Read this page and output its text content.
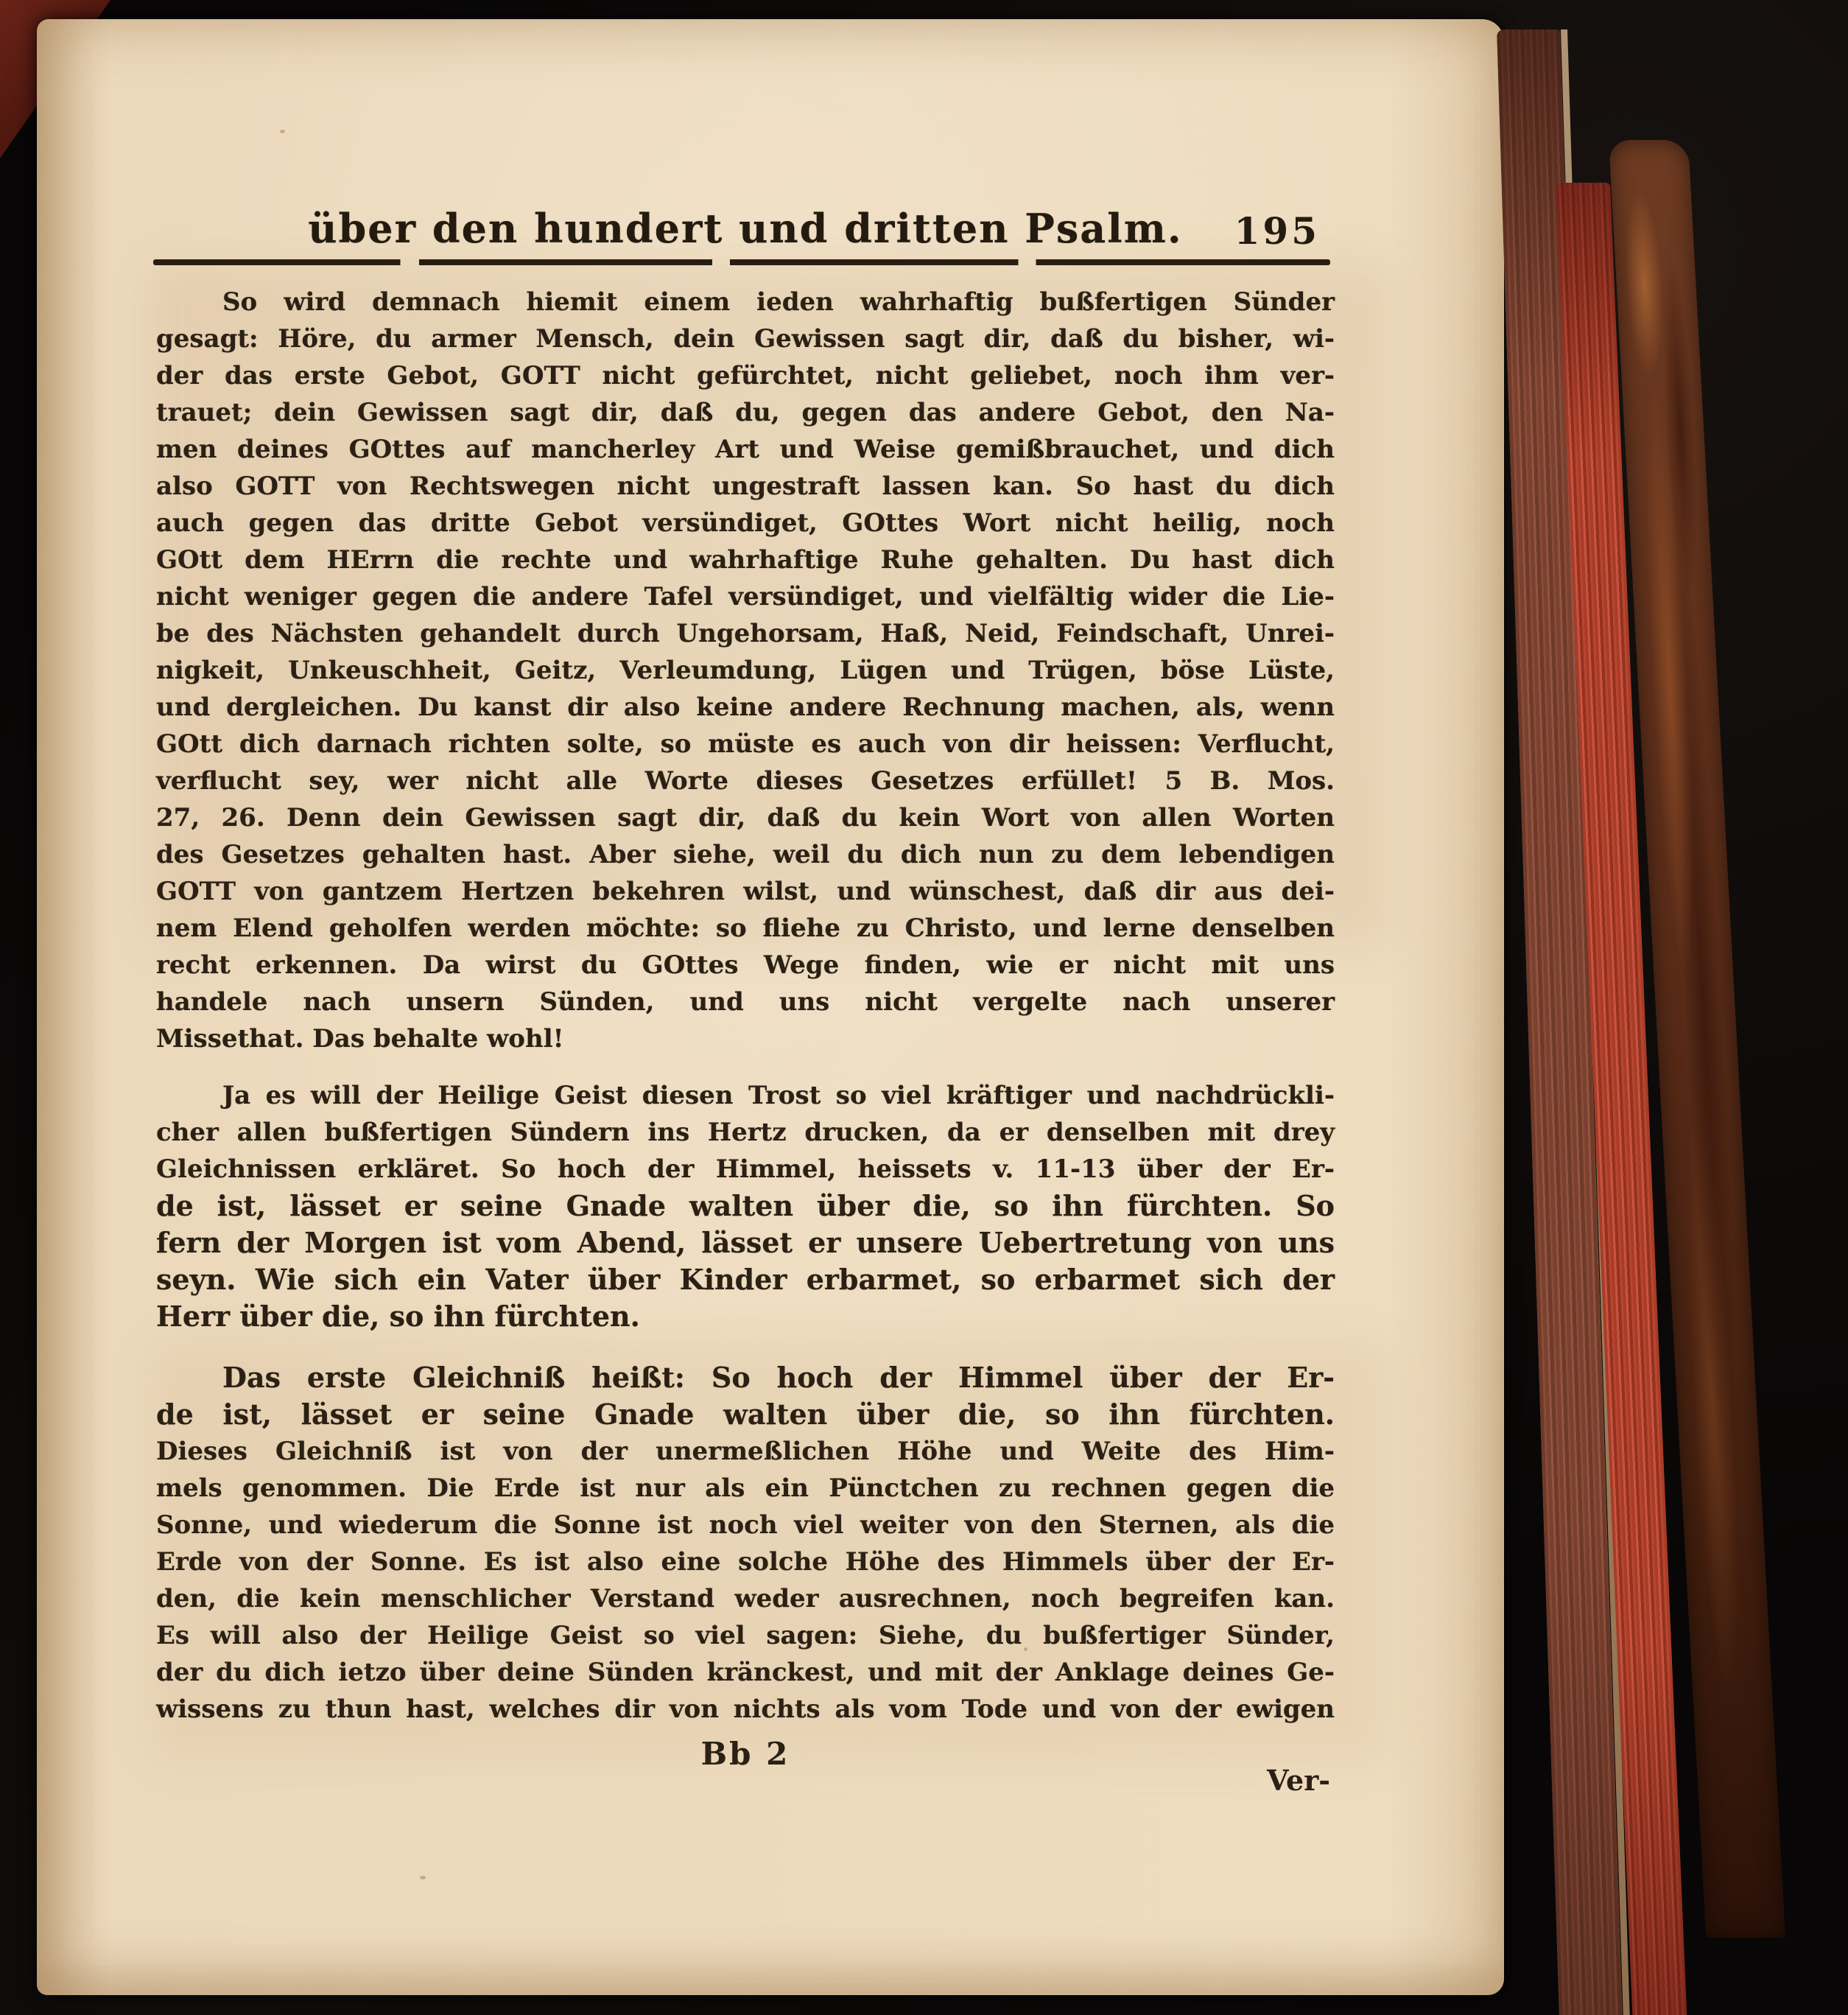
über den hundert und dritten Psalm.	195

So wird demnach hiemit einem ieden wahrhaftig bußfertigen Sünder
gesagt: Höre, du armer Mensch, dein Gewissen sagt dir, daß du bisher, wi-
der das erste Gebot, GOTT nicht gefürchtet, nicht geliebet, noch ihm ver-
trauet; dein Gewissen sagt dir, daß du, gegen das andere Gebot, den Na-
men deines GOttes auf mancherley Art und Weise gemißbrauchet, und dich
also GOTT von Rechtswegen nicht ungestraft lassen kan. So hast du dich
auch gegen das dritte Gebot versündiget, GOttes Wort nicht heilig, noch
GOtt dem HErrn die rechte und wahrhaftige Ruhe gehalten. Du hast dich
nicht weniger gegen die andere Tafel versündiget, und vielfältig wider die Lie-
be des Nächsten gehandelt durch Ungehorsam, Haß, Neid, Feindschaft, Unrei-
nigkeit, Unkeuschheit, Geitz, Verleumdung, Lügen und Trügen, böse Lüste,
und dergleichen. Du kanst dir also keine andere Rechnung machen, als, wenn
GOtt dich darnach richten solte, so müste es auch von dir heissen: Verflucht,
verflucht sey, wer nicht alle Worte dieses Gesetzes erfüllet! 5 B. Mos.
27, 26. Denn dein Gewissen sagt dir, daß du kein Wort von allen Worten
des Gesetzes gehalten hast. Aber siehe, weil du dich nun zu dem lebendigen
GOTT von gantzem Hertzen bekehren wilst, und wünschest, daß dir aus dei-
nem Elend geholfen werden möchte: so fliehe zu Christo, und lerne denselben
recht erkennen. Da wirst du GOttes Wege finden, wie er nicht mit uns
handele nach unsern Sünden, und uns nicht vergelte nach unserer
Missethat. Das behalte wohl!

Ja es will der Heilige Geist diesen Trost so viel kräftiger und nachdrückli-
cher allen bußfertigen Sündern ins Hertz drucken, da er denselben mit drey
Gleichnissen erkläret. So hoch der Himmel, heissets v. 11-13 über der Er-
de ist, lässet er seine Gnade walten über die, so ihn fürchten. So
fern der Morgen ist vom Abend, lässet er unsere Uebertretung von uns
seyn. Wie sich ein Vater über Kinder erbarmet, so erbarmet sich der
Herr über die, so ihn fürchten.

Das erste Gleichniß heißt: So hoch der Himmel über der Er-
de ist, lässet er seine Gnade walten über die, so ihn fürchten.
Dieses Gleichniß ist von der unermeßlichen Höhe und Weite des Him-
mels genommen. Die Erde ist nur als ein Pünctchen zu rechnen gegen die
Sonne, und wiederum die Sonne ist noch viel weiter von den Sternen, als die
Erde von der Sonne. Es ist also eine solche Höhe des Himmels über der Er-
den, die kein menschlicher Verstand weder ausrechnen, noch begreifen kan.
Es will also der Heilige Geist so viel sagen: Siehe, du bußfertiger Sünder,
der du dich ietzo über deine Sünden kränckest, und mit der Anklage deines Ge-
wissens zu thun hast, welches dir von nichts als vom Tode und von der ewigen

Bb 2
Ver-
